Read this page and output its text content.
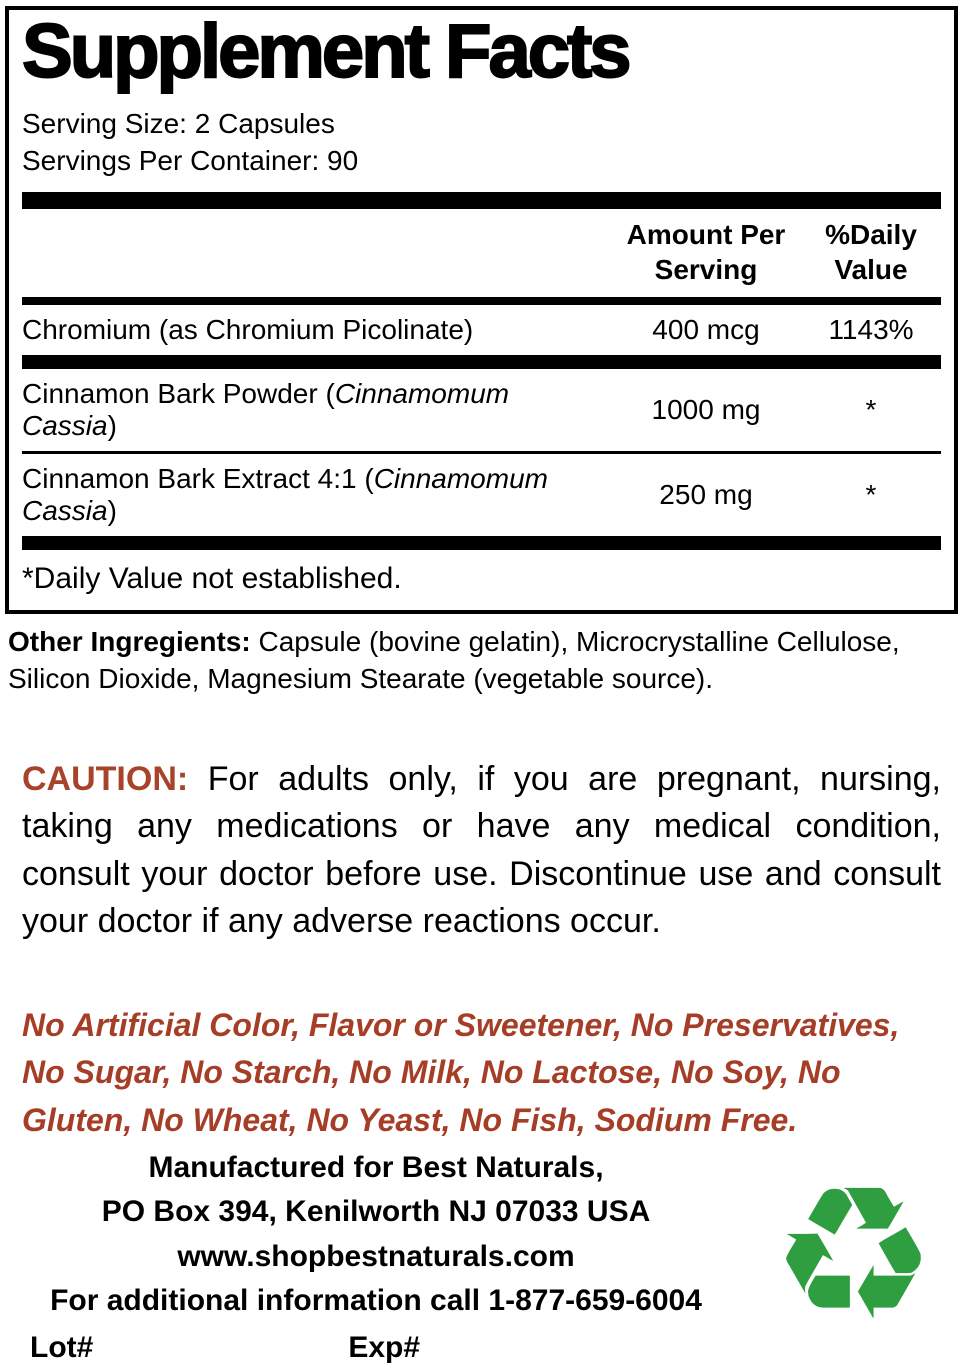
Supplement Facts
Serving Size: 2 Capsules
Servings Per Container: 90
Amount Per
Serving
%Daily
Value
Chromium (as Chromium Picolinate)	400 mcg	1143%
Cinnamon Bark Powder (Cinnamomum Cassia)
1000 mg	*
Cinnamon Bark Extract 4:1 (Cinnamomum Cassia)
250 mg	*
*Daily Value not established.

Other Ingregients: Capsule (bovine gelatin), Microcrystalline Cellulose, Silicon Dioxide, Magnesium Stearate (vegetable source).

CAUTION: For adults only, if you are pregnant, nursing, taking any medications or have any medical condition, consult your doctor before use. Discontinue use and consult your doctor if any adverse reactions occur.

No Artificial Color, Flavor or Sweetener, No Preservatives, No Sugar, No Starch, No Milk, No Lactose, No Soy, No Gluten, No Wheat, No Yeast, No Fish, Sodium Free.

Manufactured for Best Naturals,
PO Box 394, Kenilworth NJ 07033 USA
www.shopbestnaturals.com
For additional information call 1-877-659-6004
Lot#	Exp# ♻
